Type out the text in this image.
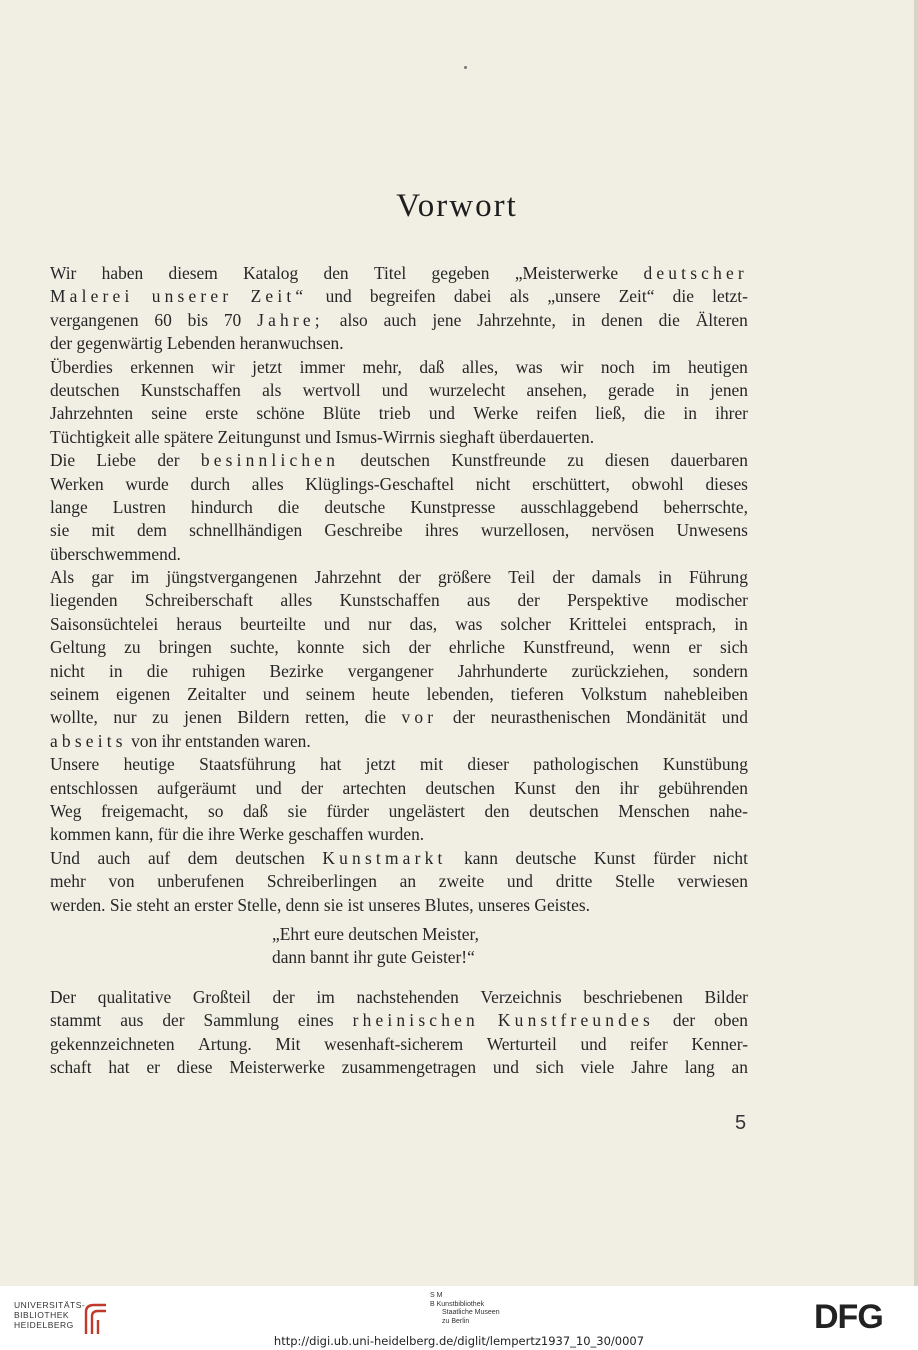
Vorwort
Wir haben diesem Katalog den Titel gegeben „Meisterwerke deutscher
Malerei unserer Zeit“ und begreifen dabei als „unsere Zeit“ die letzt-
vergangenen 60 bis 70 Jahre; also auch jene Jahrzehnte, in denen die Älteren
der gegenwärtig Lebenden heranwuchsen.
Überdies erkennen wir jetzt immer mehr, daß alles, was wir noch im heutigen
deutschen Kunstschaffen als wertvoll und wurzelecht ansehen, gerade in jenen
Jahrzehnten seine erste schöne Blüte trieb und Werke reifen ließ, die in ihrer
Tüchtigkeit alle spätere Zeitungunst und Ismus-Wirrnis sieghaft überdauerten.
Die Liebe der besinnlichen deutschen Kunstfreunde zu diesen dauerbaren
Werken wurde durch alles Klüglings-Geschaftel nicht erschüttert, obwohl dieses
lange Lustren hindurch die deutsche Kunstpresse ausschlaggebend beherrschte,
sie mit dem schnellhändigen Geschreibe ihres wurzellosen, nervösen Unwesens
überschwemmend.
Als gar im jüngstvergangenen Jahrzehnt der größere Teil der damals in Führung
liegenden Schreiberschaft alles Kunstschaffen aus der Perspektive modischer
Saisonsüchtelei heraus beurteilte und nur das, was solcher Krittelei entsprach, in
Geltung zu bringen suchte, konnte sich der ehrliche Kunstfreund, wenn er sich
nicht in die ruhigen Bezirke vergangener Jahrhunderte zurückziehen, sondern
seinem eigenen Zeitalter und seinem heute lebenden, tieferen Volkstum nahebleiben
wollte, nur zu jenen Bildern retten, die vor der neurasthenischen Mondänität und
abseits von ihr entstanden waren.
Unsere heutige Staatsführung hat jetzt mit dieser pathologischen Kunstübung
entschlossen aufgeräumt und der artechten deutschen Kunst den ihr gebührenden
Weg freigemacht, so daß sie fürder ungelästert den deutschen Menschen nahe-
kommen kann, für die ihre Werke geschaffen wurden.
Und auch auf dem deutschen Kunstmarkt kann deutsche Kunst fürder nicht
mehr von unberufenen Schreiberlingen an zweite und dritte Stelle verwiesen
werden. Sie steht an erster Stelle, denn sie ist unseres Blutes, unseres Geistes.
„Ehrt eure deutschen Meister,
dann bannt ihr gute Geister!“
Der qualitative Großteil der im nachstehenden Verzeichnis beschriebenen Bilder
stammt aus der Sammlung eines rheinischen Kunstfreundes der oben
gekennzeichneten Artung. Mit wesenhaft-sicherem Werturteil und reifer Kenner-
schaft hat er diese Meisterwerke zusammengetragen und sich viele Jahre lang an
5
UNIVERSITÄTS-
BIBLIOTHEK
HEIDELBERG
S M
B Kunstbibliothek
Staatliche Museen
zu Berlin	DFG
http://digi.ub.uni-heidelberg.de/diglit/lempertz1937_10_30/0007
